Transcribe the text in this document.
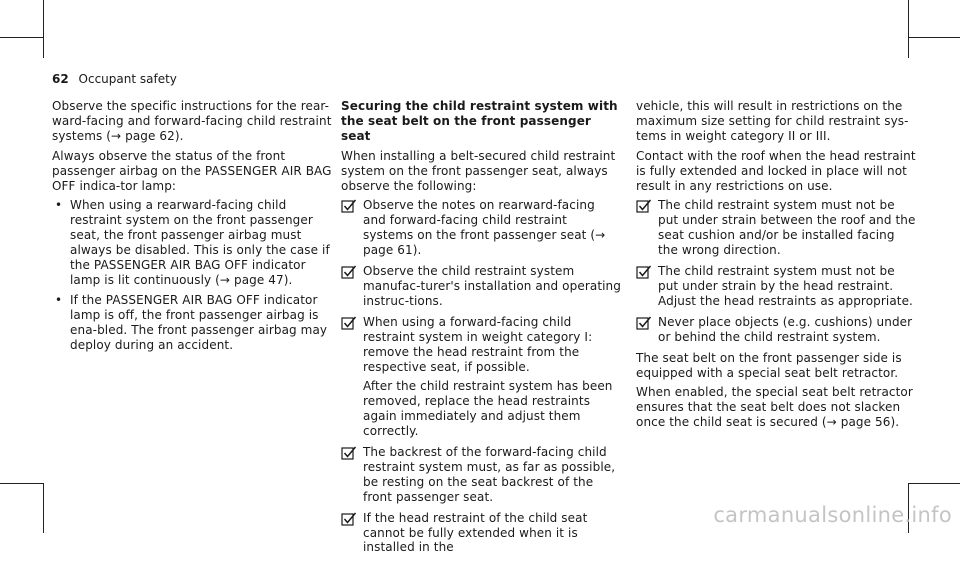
62 Occupant safety

Observe the specific instructions for the rear-ward-facing and forward-facing child restraint systems (→ page 62).

Always observe the status of the front passenger airbag on the PASSENGER AIR BAG OFF indica-tor lamp:

• When using a rearward-facing child restraint system on the front passenger seat, the front passenger airbag must always be disabled. This is only the case if the PASSENGER AIR BAG OFF indicator lamp is lit continuously (→ page 47).
• If the PASSENGER AIR BAG OFF indicator lamp is off, the front passenger airbag is ena-bled. The front passenger airbag may deploy during an accident.

Securing the child restraint system with the seat belt on the front passenger seat

When installing a belt-secured child restraint system on the front passenger seat, always observe the following:

Observe the notes on rearward-facing and forward-facing child restraint systems on the front passenger seat (→ page 61).
Observe the child restraint system manufac-turer's installation and operating instruc-tions.
When using a forward-facing child restraint system in weight category I: remove the head restraint from the respective seat, if possible.
After the child restraint system has been removed, replace the head restraints again immediately and adjust them correctly.
The backrest of the forward-facing child restraint system must, as far as possible, be resting on the seat backrest of the front passenger seat.
If the head restraint of the child seat cannot be fully extended when it is installed in the

vehicle, this will result in restrictions on the maximum size setting for child restraint sys-tems in weight category II or III.

Contact with the roof when the head restraint is fully extended and locked in place will not result in any restrictions on use.

The child restraint system must not be put under strain between the roof and the seat cushion and/or be installed facing the wrong direction.
The child restraint system must not be put under strain by the head restraint. Adjust the head restraints as appropriate.
Never place objects (e.g. cushions) under or behind the child restraint system.

The seat belt on the front passenger side is equipped with a special seat belt retractor.

When enabled, the special seat belt retractor ensures that the seat belt does not slacken once the child seat is secured (→ page 56).

carmanualsonline.info
